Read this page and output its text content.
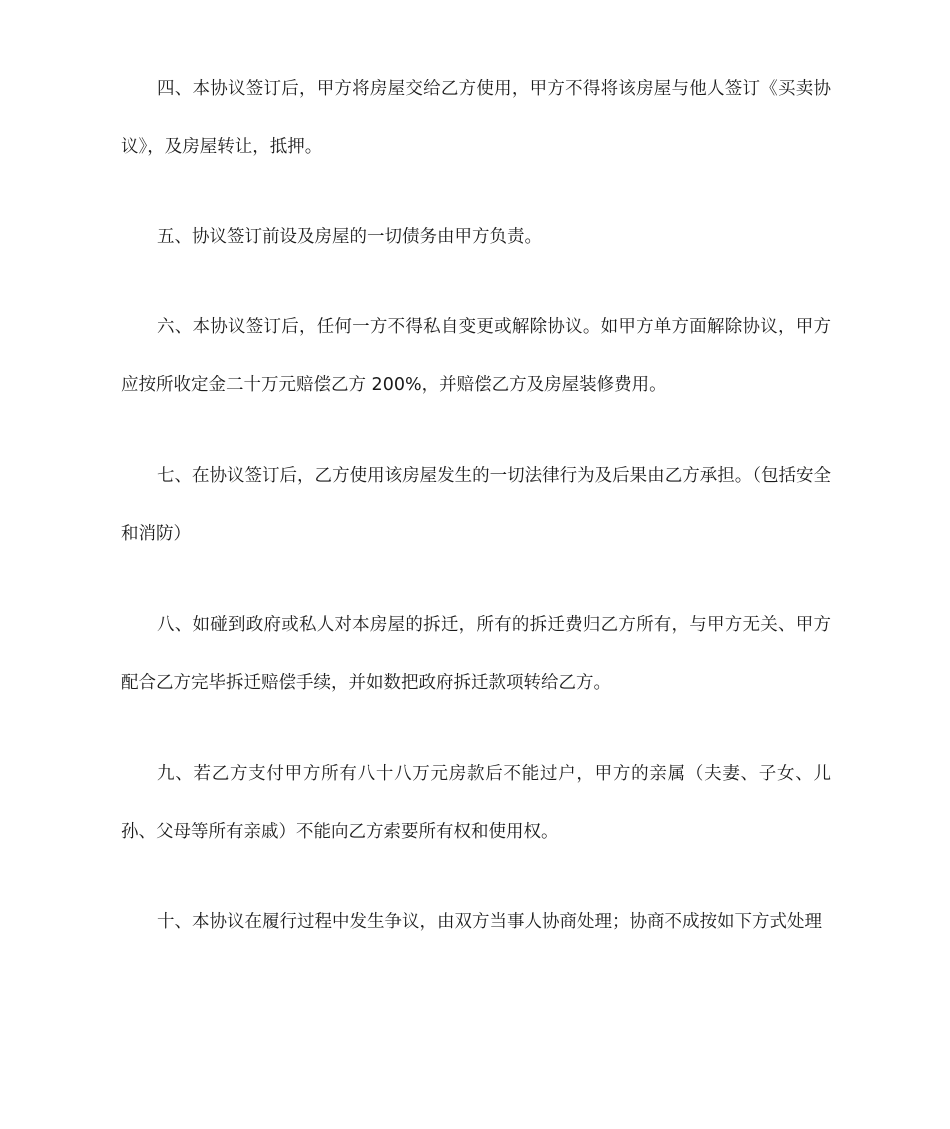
四、本协议签订后，甲方将房屋交给乙方使用，甲方不得将该房屋与他人签订《买卖协议》，及房屋转让，抵押。

五、协议签订前设及房屋的一切债务由甲方负责。

六、本协议签订后，任何一方不得私自变更或解除协议。如甲方单方面解除协议，甲方应按所收定金二十万元赔偿乙方 200%，并赔偿乙方及房屋装修费用。

七、在协议签订后，乙方使用该房屋发生的一切法律行为及后果由乙方承担。（包括安全和消防）

八、如碰到政府或私人对本房屋的拆迁，所有的拆迁费归乙方所有，与甲方无关、甲方配合乙方完毕拆迁赔偿手续，并如数把政府拆迁款项转给乙方。

九、若乙方支付甲方所有八十八万元房款后不能过户，甲方的亲属（夫妻、子女、儿孙、父母等所有亲戚）不能向乙方索要所有权和使用权。

十、本协议在履行过程中发生争议，由双方当事人协商处理；协商不成按如下方式处理
